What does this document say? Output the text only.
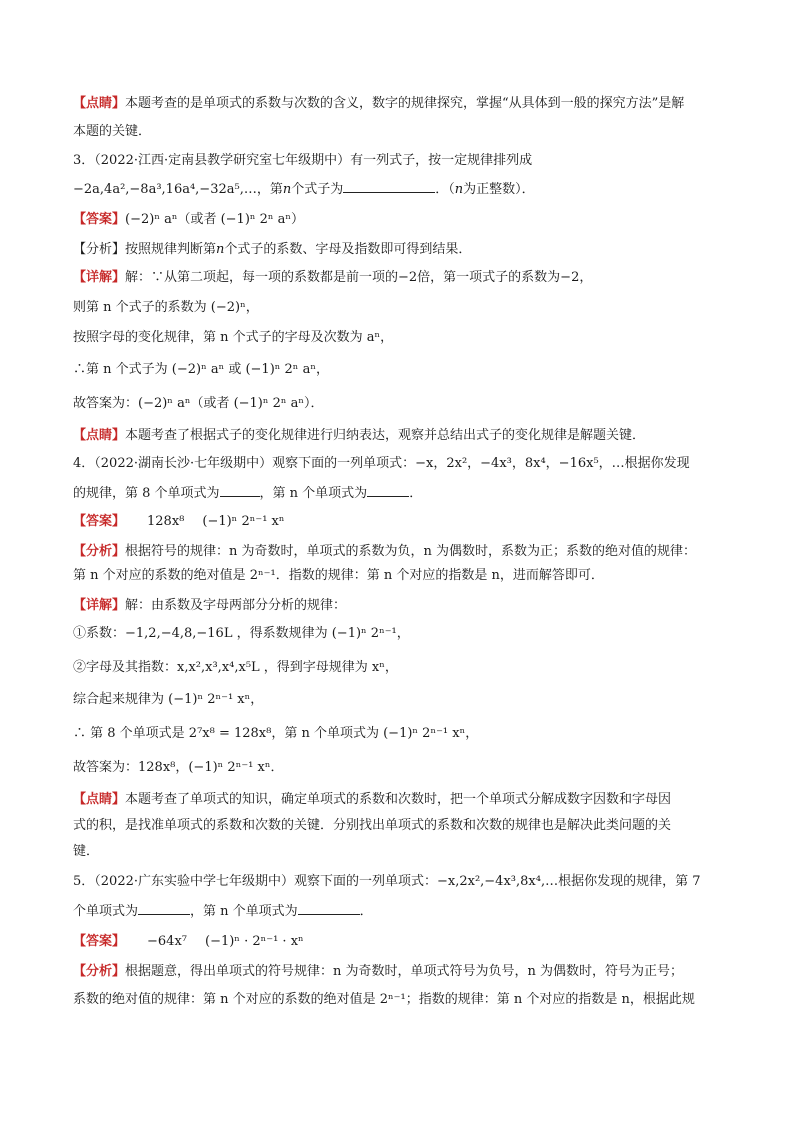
【点睛】本题考查的是单项式的系数与次数的含义，数字的规律探究，掌握“从具体到一般的探究方法”是解
本题的关键．
3．（2022·江西·定南县教学研究室七年级期中）有一列式子，按一定规律排列成
−2a,4a²,−8a³,16a⁴,−32a⁵,…，第n个式子为	．（n为正整数）．
【答案】(−2)ⁿ aⁿ（或者 (−1)ⁿ 2ⁿ aⁿ）
【分析】按照规律判断第n个式子的系数、字母及指数即可得到结果．
【详解】解：∵从第二项起，每一项的系数都是前一项的−2倍，第一项式子的系数为−2，
则第 n 个式子的系数为 (−2)ⁿ，
按照字母的变化规律，第 n 个式子的字母及次数为 aⁿ，
∴第 n 个式子为 (−2)ⁿ aⁿ 或 (−1)ⁿ 2ⁿ aⁿ，
故答案为：(−2)ⁿ aⁿ（或者 (−1)ⁿ 2ⁿ aⁿ）．
【点睛】本题考查了根据式子的变化规律进行归纳表达，观察并总结出式子的变化规律是解题关键．
4．（2022·湖南长沙·七年级期中）观察下面的一列单项式：−x，2x²，−4x³，8x⁴，−16x⁵，…根据你发现
的规律，第 8 个单项式为	，第 n 个单项式为	．
【答案】 128x⁸ (−1)ⁿ 2ⁿ⁻¹ xⁿ
【分析】根据符号的规律：n 为奇数时，单项式的系数为负，n 为偶数时，系数为正；系数的绝对值的规律：
第 n 个对应的系数的绝对值是 2ⁿ⁻¹．指数的规律：第 n 个对应的指数是 n，进而解答即可．
【详解】解：由系数及字母两部分分析的规律：
①系数：−1,2,−4,8,−16L ，得系数规律为 (−1)ⁿ 2ⁿ⁻¹，
②字母及其指数：x,x²,x³,x⁴,x⁵L ，得到字母规律为 xⁿ，
综合起来规律为 (−1)ⁿ 2ⁿ⁻¹ xⁿ，
∴ 第 8 个单项式是 2⁷x⁸ = 128x⁸，第 n 个单项式为 (−1)ⁿ 2ⁿ⁻¹ xⁿ，
故答案为：128x⁸，(−1)ⁿ 2ⁿ⁻¹ xⁿ．
【点睛】本题考查了单项式的知识，确定单项式的系数和次数时，把一个单项式分解成数字因数和字母因
式的积，是找准单项式的系数和次数的关键．分别找出单项式的系数和次数的规律也是解决此类问题的关
键．
5．（2022·广东实验中学七年级期中）观察下面的一列单项式：−x,2x²,−4x³,8x⁴,…根据你发现的规律，第 7
个单项式为	，第 n 个单项式为	．
【答案】 −64x⁷ (−1)ⁿ · 2ⁿ⁻¹ · xⁿ
【分析】根据题意，得出单项式的符号规律：n 为奇数时，单项式符号为负号，n 为偶数时，符号为正号；
系数的绝对值的规律：第 n 个对应的系数的绝对值是 2ⁿ⁻¹；指数的规律：第 n 个对应的指数是 n，根据此规
